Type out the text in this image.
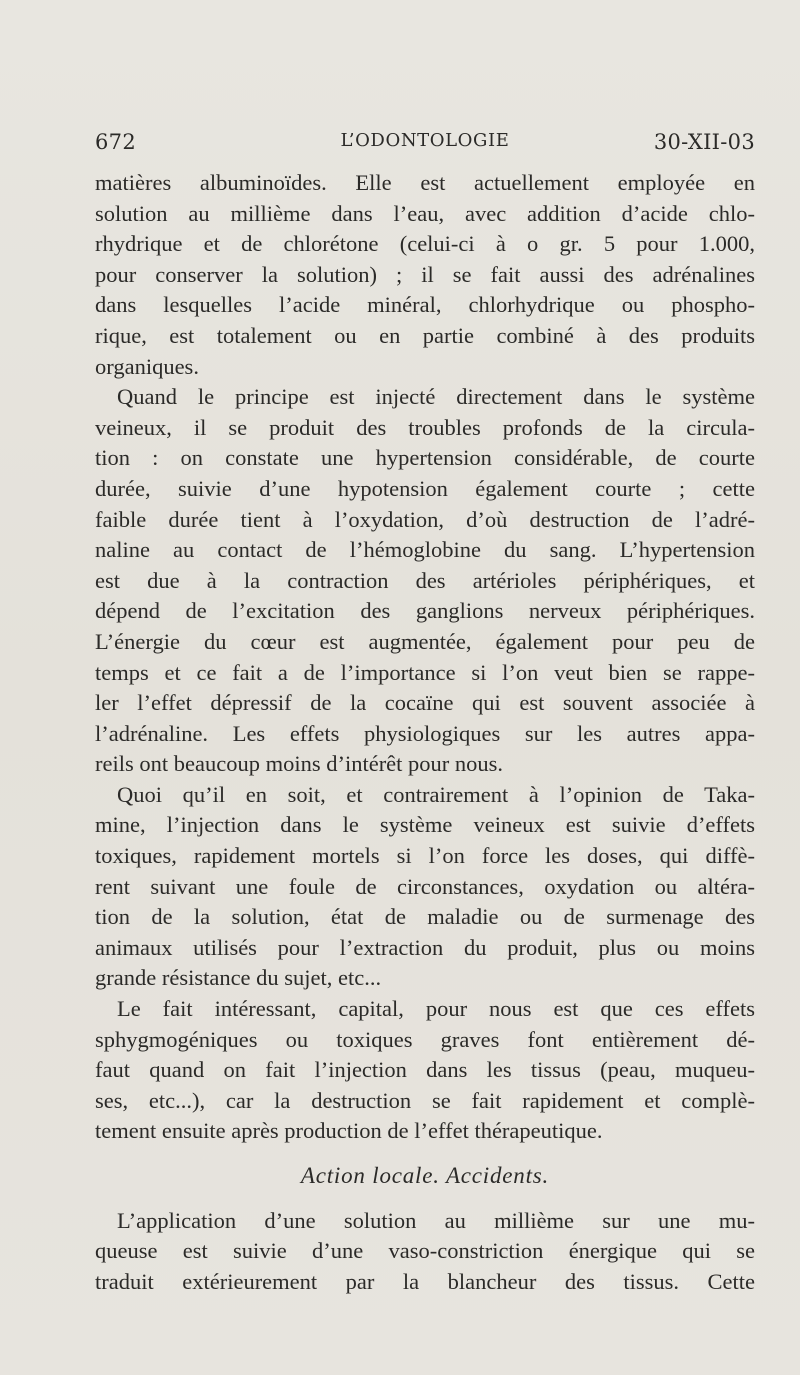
672	L’ODONTOLOGIE	30-XII-03
matières albuminoïdes. Elle est actuellement employée en
solution au millième dans l’eau, avec addition d’acide chlo-
rhydrique et de chlorétone (celui-ci à o gr. 5 pour 1.000,
pour conserver la solution) ; il se fait aussi des adrénalines
dans lesquelles l’acide minéral, chlorhydrique ou phospho-
rique, est totalement ou en partie combiné à des produits
organiques.
Quand le principe est injecté directement dans le système
veineux, il se produit des troubles profonds de la circula-
tion : on constate une hypertension considérable, de courte
durée, suivie d’une hypotension également courte ; cette
faible durée tient à l’oxydation, d’où destruction de l’adré-
naline au contact de l’hémoglobine du sang. L’hypertension
est due à la contraction des artérioles périphériques, et
dépend de l’excitation des ganglions nerveux périphériques.
L’énergie du cœur est augmentée, également pour peu de
temps et ce fait a de l’importance si l’on veut bien se rappe-
ler l’effet dépressif de la cocaïne qui est souvent associée à
l’adrénaline. Les effets physiologiques sur les autres appa-
reils ont beaucoup moins d’intérêt pour nous.
Quoi qu’il en soit, et contrairement à l’opinion de Taka-
mine, l’injection dans le système veineux est suivie d’effets
toxiques, rapidement mortels si l’on force les doses, qui diffè-
rent suivant une foule de circonstances, oxydation ou altéra-
tion de la solution, état de maladie ou de surmenage des
animaux utilisés pour l’extraction du produit, plus ou moins
grande résistance du sujet, etc...
Le fait intéressant, capital, pour nous est que ces effets
sphygmogéniques ou toxiques graves font entièrement dé-
faut quand on fait l’injection dans les tissus (peau, muqueu-
ses, etc...), car la destruction se fait rapidement et complè-
tement ensuite après production de l’effet thérapeutique.
Action locale. Accidents.
L’application d’une solution au millième sur une mu-
queuse est suivie d’une vaso-constriction énergique qui se
traduit extérieurement par la blancheur des tissus. Cette
